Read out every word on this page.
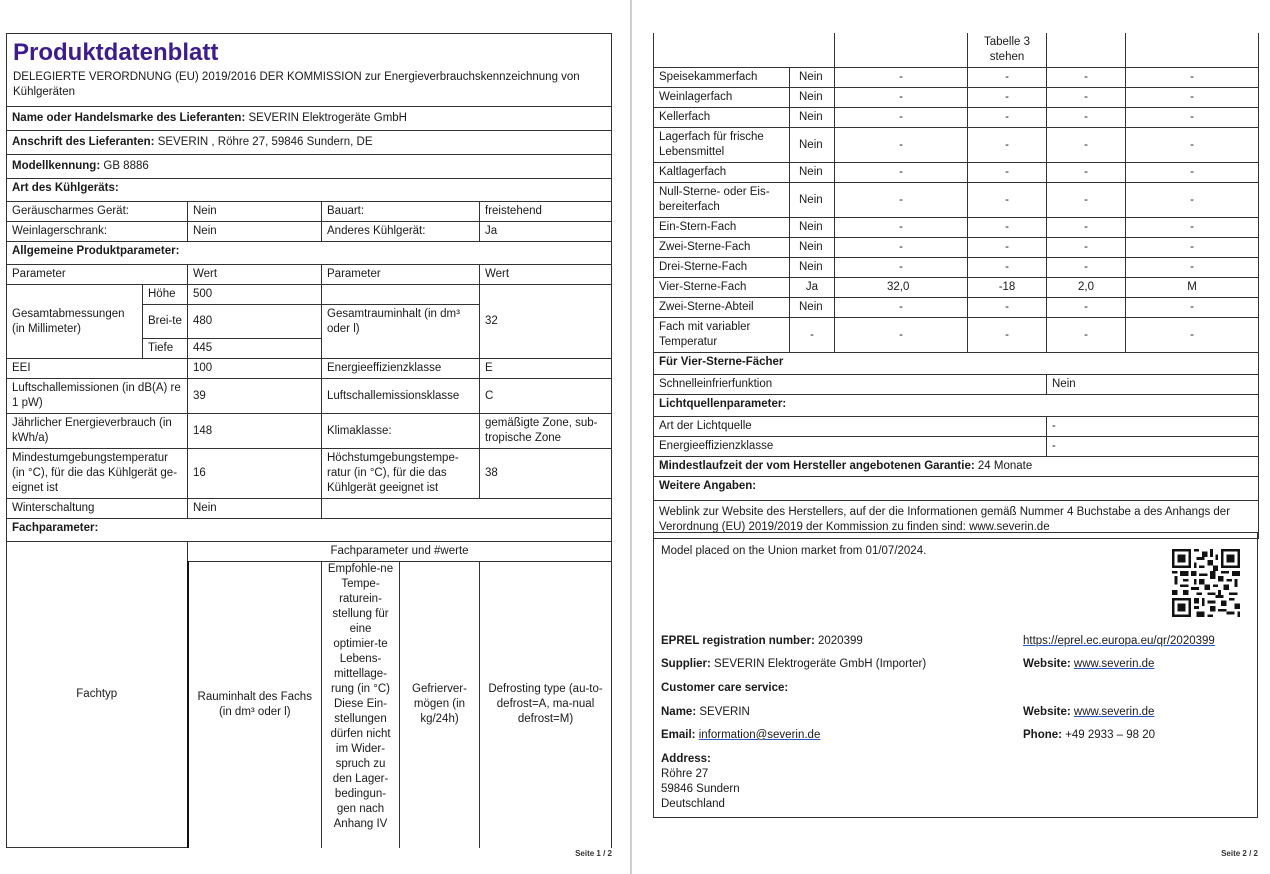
Produktdatenblatt
DELEGIERTE VERORDNUNG (EU) 2019/2016 DER KOMMISSION zur Energieverbrauchskennzeichnung von Kühlgeräten					

Name oder Handelsmarke des Lieferanten: SEVERIN Elektrogeräte GmbH					
Anschrift des Lieferanten: SEVERIN , Röhre 27, 59846 Sundern, DE					
Modellkennung: GB 8886					
Art des Kühlgeräts:					
Geräuscharmes Gerät:		Nein	Bauart:		freistehend
Weinlagerschrank:		Nein	Anderes Kühlgerät:		Ja
Allgemeine Produktparameter:					
Parameter		Wert	Parameter		Wert
Gesamtabmessungen (in Millimeter)	Höhe	500	Gesamtrauminhalt (in dm³ oder l)		32
	Brei-te	480			
	Tiefe	445			
EEI		100	Energieeffizienzklasse		E
Luftschallemissionen (in dB(A) re 1 pW)		39	Luftschallemissionsklasse		C
Jährlicher Energieverbrauch (in kWh/a)		148	Klimaklasse:		gemäßigte Zone, sub-tropische Zone
Mindestumgebungstemperatur (in °C), für die das Kühlgerät ge-eignet ist		16	Höchstumgebungstempe-ratur (in °C), für die das Kühlgerät geeignet ist		38
Winterschaltung		Nein			
Fachparameter:					
Fachtyp		Fachparameter und #werte			
		Rauminhalt des Fachs (in dm³ oder l)	Empfohle-ne Tempe-raturein-stellung für eine optimier-te Lebens-mittellage-rung (in °C) Diese Ein-stellungen dürfen nicht im Wider-spruch zu den Lager-bedingun-gen nach Anhang IV	Gefrierver-mögen (in kg/24h)	Defrosting type (au-to-defrost=A, ma-nual defrost=M)
Seite 1 / 2
			Tabelle 3 stehen		
Speisekammerfach	Nein	-	-	-	-
Weinlagerfach	Nein	-	-	-	-
Kellerfach	Nein	-	-	-	-
Lagerfach für frische Lebensmittel	Nein	-	-	-	-
Kaltlagerfach	Nein	-	-	-	-
Null-Sterne- oder Eis-bereiterfach	Nein	-	-	-	-
Ein-Stern-Fach	Nein	-	-	-	-
Zwei-Sterne-Fach	Nein	-	-	-	-
Drei-Sterne-Fach	Nein	-	-	-	-
Vier-Sterne-Fach	Ja	32,0	-18	2,0	M
Zwei-Sterne-Abteil	Nein	-	-	-	-
Fach mit variabler Temperatur	-	-	-	-	-
Für Vier-Sterne-Fächer					
Schnelleinfrierfunktion				Nein	
Lichtquellenparameter:					
Art der Lichtquelle				-	
Energieeffizienzklasse				-	
Mindestlaufzeit der vom Hersteller angebotenen Garantie: 24 Monate					
Weitere Angaben:					
Weblink zur Website des Herstellers, auf der die Informationen gemäß Nummer 4 Buchstabe a des Anhangs der Verordnung (EU) 2019/2019 der Kommission zu finden sind: www.severin.de					
Model placed on the Union market from 01/07/2024.
EPREL registration number: 2020399	https://eprel.ec.europa.eu/qr/2020399
Supplier: SEVERIN Elektrogeräte GmbH (Importer)	Website: www.severin.de
Customer care service:
Name: SEVERIN	Website: www.severin.de
Email: information@severin.de	Phone: +49 2933 – 98 20
Address:
Röhre 27
59846 Sundern
Deutschland
Seite 2 / 2
